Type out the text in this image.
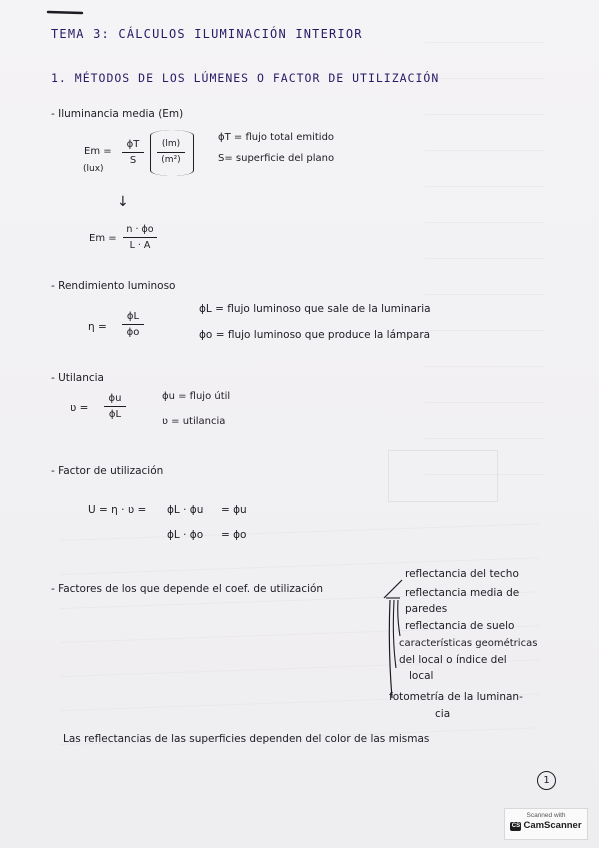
TEMA 3: CÁLCULOS ILUMINACIÓN INTERIOR
1. MÉTODOS DE LOS LÚMENES O FACTOR DE UTILIZACIÓN
- Iluminancia media (Em)
Em =
(lux)
ϕT
S
(lm)
(m²)
ϕT = flujo total emitido
S= superficie del plano
↓
Em =
n · ϕo
L · A
- Rendimiento luminoso
ƞ =
ϕL
ϕo
ϕL = flujo luminoso que sale de la luminaria
ϕo = flujo luminoso que produce la lámpara
- Utilancia
ʋ =
ϕu
ϕL
ϕu = flujo útil
ʋ = utilancia
- Factor de utilización
U = ƞ · ʋ = ϕL · ϕu = ϕu
ϕL · ϕo = ϕo
- Factores de los que depende el coef. de utilización
reflectancia del techo
reflectancia media de
paredes
reflectancia de suelo
características geométricas
del local o índice del
local
fotometría de la luminan-
cia
Las reflectancias de las superficies dependen del color de las mismas
1
Scanned with
CS CamScanner
